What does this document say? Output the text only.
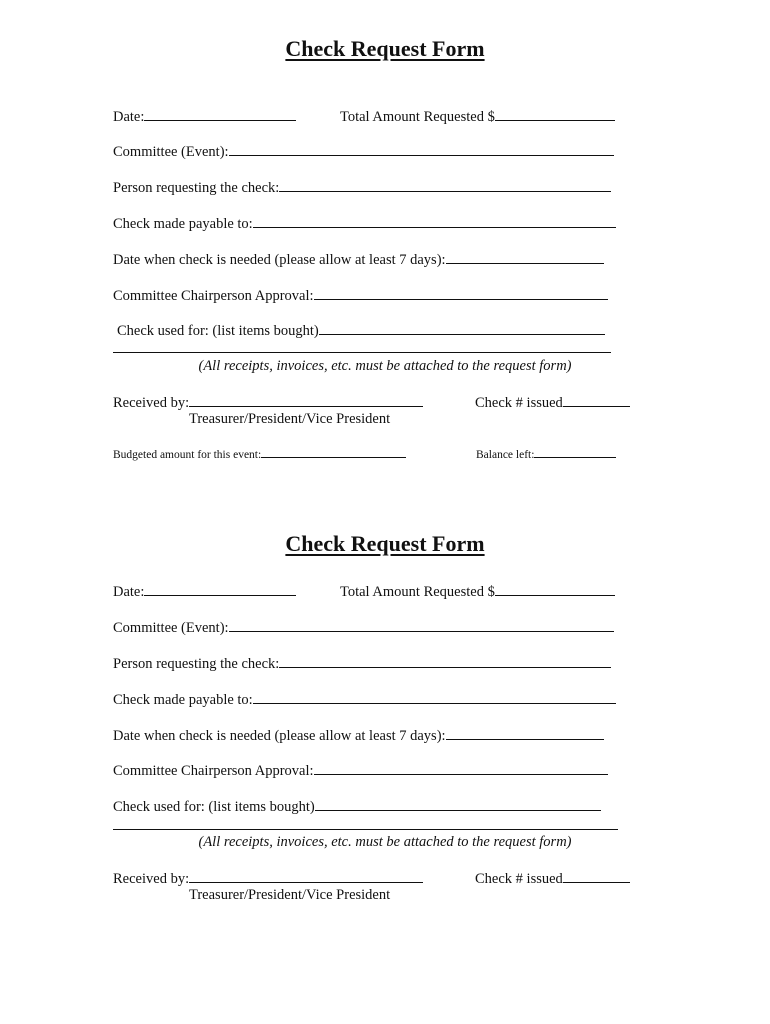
Check Request Form
Date:	Total Amount Requested $
Committee (Event):
Person requesting the check:
Check made payable to:
Date when check is needed (please allow at least 7 days):
Committee Chairperson Approval:
Check used for: (list items bought)
(All receipts, invoices, etc. must be attached to the request form)
Received by:	Check # issued
Treasurer/President/Vice President
Budgeted amount for this event:	Balance left:
Check Request Form
Date:	Total Amount Requested $
Committee (Event):
Person requesting the check:
Check made payable to:
Date when check is needed (please allow at least 7 days):
Committee Chairperson Approval:
Check used for: (list items bought)
(All receipts, invoices, etc. must be attached to the request form)
Received by:	Check # issued
Treasurer/President/Vice President
